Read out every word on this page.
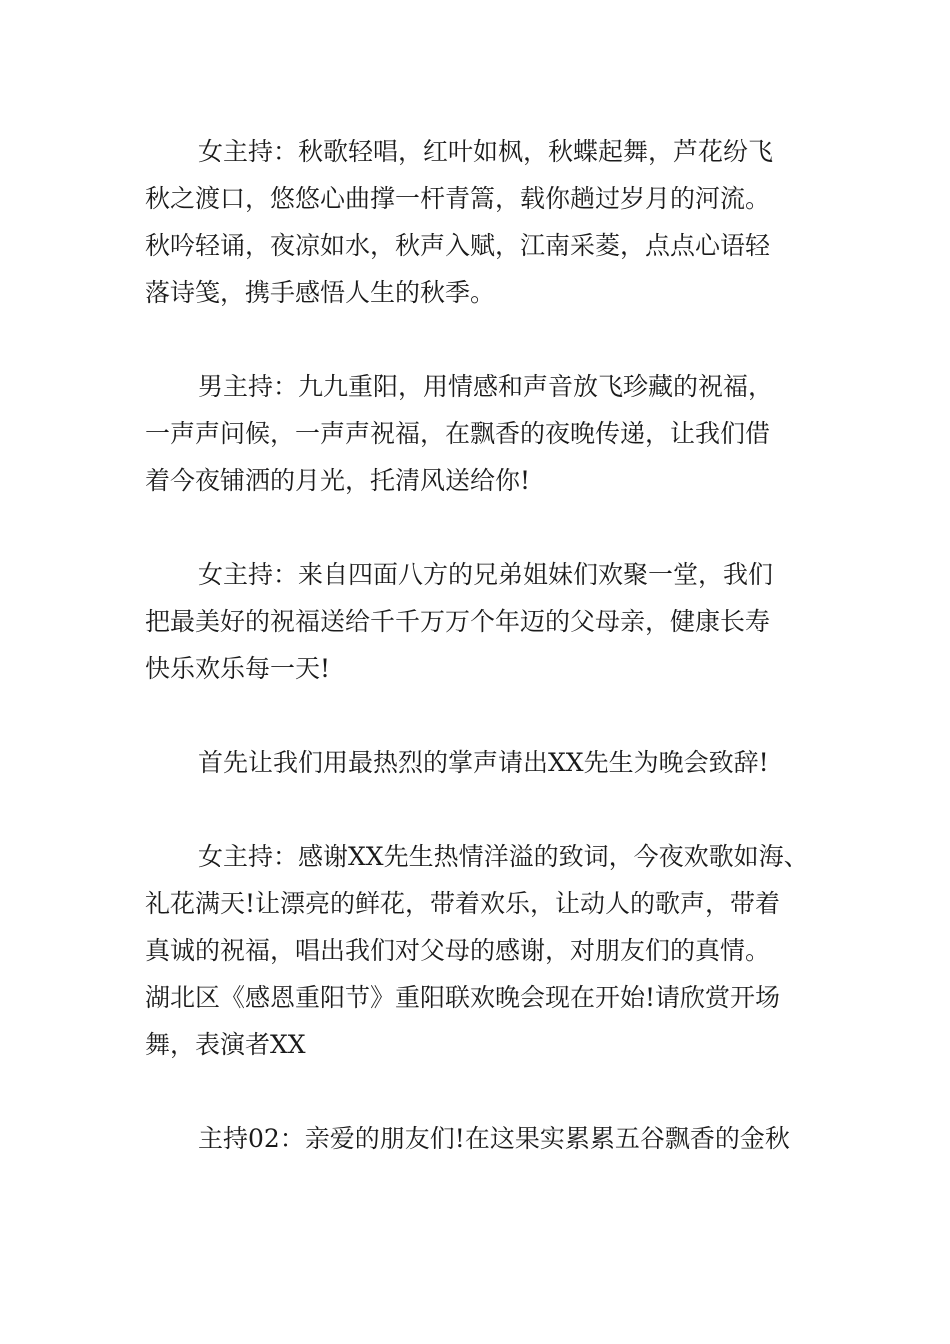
女主持：秋歌轻唱，红叶如枫，秋蝶起舞，芦花纷飞
秋之渡口，悠悠心曲撑一杆青篙，载你趟过岁月的河流。
秋吟轻诵，夜凉如水，秋声入赋，江南采菱，点点心语轻
落诗笺，携手感悟人生的秋季。
男主持：九九重阳，用情感和声音放飞珍藏的祝福，
一声声问候，一声声祝福，在飘香的夜晚传递，让我们借
着今夜铺洒的月光，托清风送给你!
女主持：来自四面八方的兄弟姐妹们欢聚一堂，我们
把最美好的祝福送给千千万万个年迈的父母亲，健康长寿
快乐欢乐每一天!
首先让我们用最热烈的掌声请出XX先生为晚会致辞!
女主持：感谢XX先生热情洋溢的致词，今夜欢歌如海、
礼花满天!让漂亮的鲜花，带着欢乐，让动人的歌声，带着
真诚的祝福，唱出我们对父母的感谢，对朋友们的真情。
湖北区《感恩重阳节》重阳联欢晚会现在开始!请欣赏开场
舞，表演者XX
主持02：亲爱的朋友们!在这果实累累五谷飘香的金秋
